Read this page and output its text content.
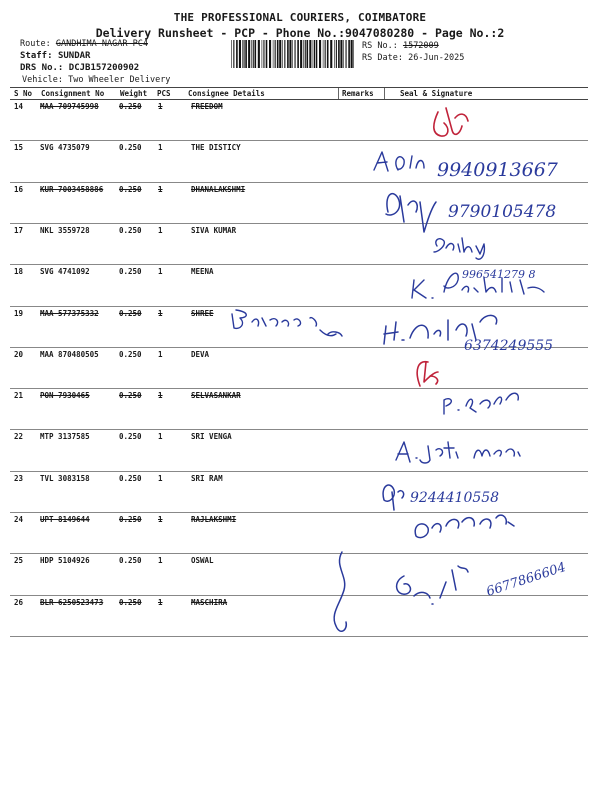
THE PROFESSIONAL COURIERS, COIMBATORE
Delivery Runsheet - PCP - Phone No.:9047080280 - Page No.:2
Route: GANDHIMA NAGAR PC4
Staff: SUNDAR
DRS No.: DCJB157200902
Vehicle: Two Wheeler Delivery
RS No.: 1572009
RS Date: 26-Jun-2025
S No Consignment No Weight PCS Consignee Details	Remarks	Seal & Signature
14 MAA 709745998	0.250 1	FREEDOM
15 SVG 4735079	0.250 1	THE DISTICY
16 KUR 7003458886 0.250 1	DHANALAKSHMI
17 NKL 3559728	0.250 1	SIVA KUMAR
18 SVG 4741092	0.250 1	MEENA
19 MAA 577375332	0.250 1	SHREE
20 MAA 870480505	0.250 1	DEVA
21 PON 7930465	0.250 1	SELVASANKAR
22 MTP 3137585	0.250 1	SRI VENGA
23 TVL 3083158	0.250 1	SRI RAM
24 UPT 8149644	0.250 1	RAJLAKSHMI
25 HDP 5104926	0.250 1	OSWAL
26 BLR 6250523473 0.250 1	MASCHIRA
9940913667
9790105478
996541279 8
6374249555
9244410558
6677866604
